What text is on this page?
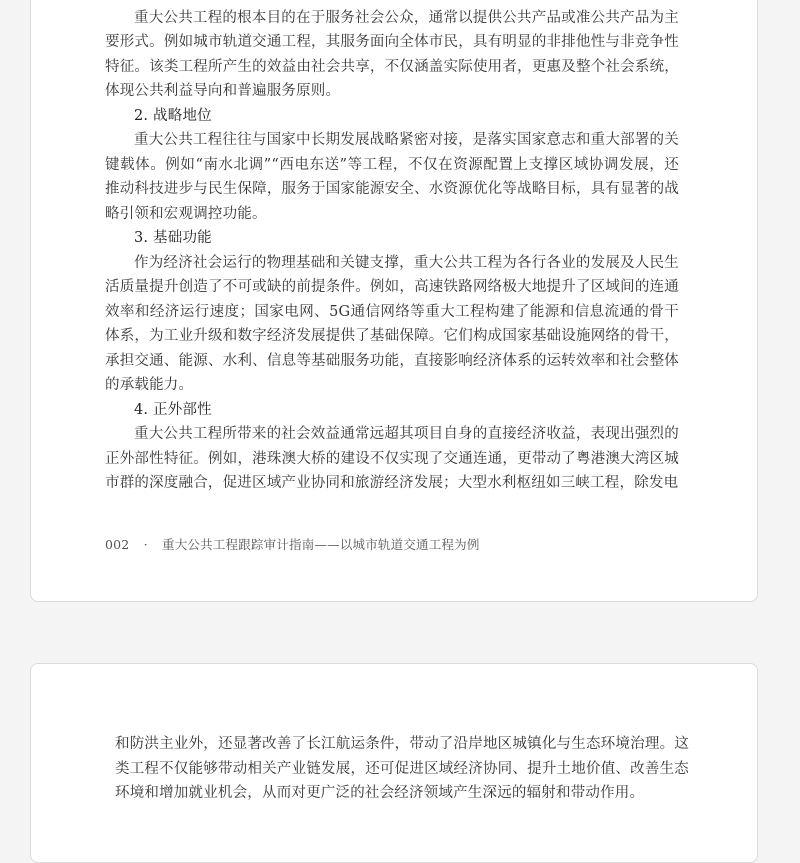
重大公共工程的根本目的在于服务社会公众，通常以提供公共产品或准公共产品为主要形式。例如城市轨道交通工程，其服务面向全体市民，具有明显的非排他性与非竞争性特征。该类工程所产生的效益由社会共享，不仅涵盖实际使用者，更惠及整个社会系统，体现公共利益导向和普遍服务原则。

2. 战略地位

重大公共工程往往与国家中长期发展战略紧密对接，是落实国家意志和重大部署的关键载体。例如“南水北调”“西电东送”等工程，不仅在资源配置上支撑区域协调发展，还推动科技进步与民生保障，服务于国家能源安全、水资源优化等战略目标，具有显著的战略引领和宏观调控功能。

3. 基础功能

作为经济社会运行的物理基础和关键支撑，重大公共工程为各行各业的发展及人民生活质量提升创造了不可或缺的前提条件。例如，高速铁路网络极大地提升了区域间的连通效率和经济运行速度；国家电网、5G通信网络等重大工程构建了能源和信息流通的骨干体系，为工业升级和数字经济发展提供了基础保障。它们构成国家基础设施网络的骨干，承担交通、能源、水利、信息等基础服务功能，直接影响经济体系的运转效率和社会整体的承载能力。

4. 正外部性

重大公共工程所带来的社会效益通常远超其项目自身的直接经济收益，表现出强烈的正外部性特征。例如，港珠澳大桥的建设不仅实现了交通连通，更带动了粤港澳大湾区城市群的深度融合，促进区域产业协同和旅游经济发展；大型水利枢纽如三峡工程，除发电

002 · 重大公共工程跟踪审计指南——以城市轨道交通工程为例

和防洪主业外，还显著改善了长江航运条件，带动了沿岸地区城镇化与生态环境治理。这类工程不仅能够带动相关产业链发展，还可促进区域经济协同、提升土地价值、改善生态环境和增加就业机会，从而对更广泛的社会经济领域产生深远的辐射和带动作用。
